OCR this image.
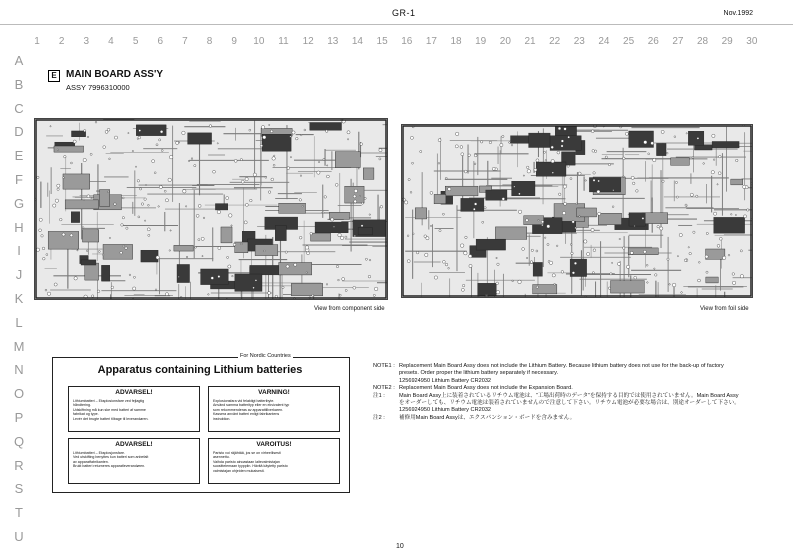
GR-1	Nov.1992
1	2	3	4	5	6	7	8	9	10	11	12	13	14	15	16	17	18	19	20	21	22	23	24	25	26	27	28	29	30
A
B
C
D
E
F
G
H
I
J
K
L
M
N
O
P
Q
R
S
T
U
E MAIN BOARD ASS'Y
ASSY 7996310000
View from component side	View from foil side
For Nordic Countries
Apparatus containing Lithium batteries
ADVARSEL!
Lithiumbatteri – Eksplosionsfare ved fejlagtig
håndtering.
Udskiftning må kun ske med batteri af samme
fabrikat og type.
Levér det brugte batteri tilbage til leverandøren.
VARNING!
Explosionsfara vid felaktigt batteribyte.
Använd samma batterityp eller en ekvivalent typ
som rekommenderas av apparattillverkaren.
Kassera använt batteri enligt fabrikantens
instruktion.
ADVARSEL!
Lithiumbatteri – Eksplosjonsfare.
Ved utskifting benyttes kun batteri som anbefalt
av apparatfabrikanten.
Brukt batteri returneres apparatleverandøren.
VAROITUS!
Paristo voi räjähtää, jos se on virheellisesti
asennettu.
Vaihda paristo ainoastaan laitevalmistajan
suosittelemaan tyyppiin. Hävitä käytetty paristo
valmistajan ohjeiden mukaisesti.
NOTE1 : Replacement Main Board Assy does not include the Lithium Battery. Because lithium battery does not use for the back-up of factory presets. Order proper the lithium battery separately if necessary.
1256924950 Lithium Battery CR2032
NOTE2 : Replacement Main Board Assy does not include the Expansion Board.
注1 :	Main Board Assy上に装着されているリチウム電池は、“工場出荷時のデータ”を保持する目的では使用されていません。Main Board Assyをオーダーしても、リチウム電池は装着されていませんので注意して下さい。リチウム電池が必要な場合は、別途オーダーして下さい。
1256924950 Lithium Battery CR2032
注2 :	補修用Main Board Assyは、エクスパンション・ボードを含みません。
10
